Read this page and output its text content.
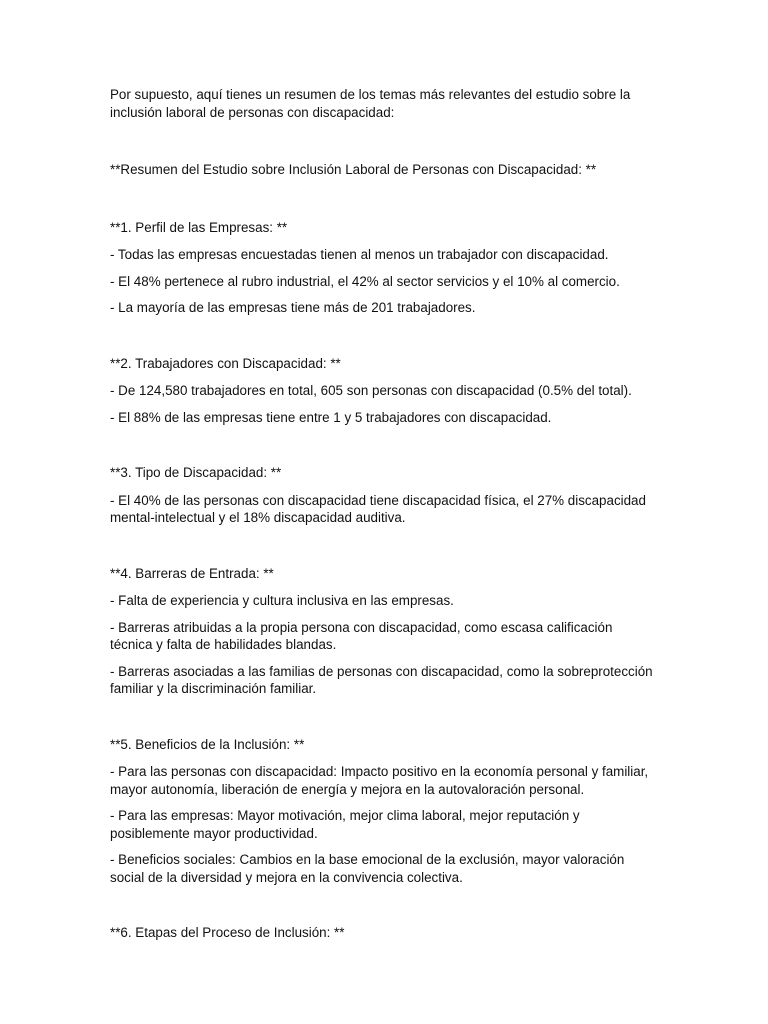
Por supuesto, aquí tienes un resumen de los temas más relevantes del estudio sobre la inclusión laboral de personas con discapacidad:

**Resumen del Estudio sobre Inclusión Laboral de Personas con Discapacidad: **

**1. Perfil de las Empresas: **

- Todas las empresas encuestadas tienen al menos un trabajador con discapacidad.

- El 48% pertenece al rubro industrial, el 42% al sector servicios y el 10% al comercio.

- La mayoría de las empresas tiene más de 201 trabajadores.

**2. Trabajadores con Discapacidad: **

- De 124,580 trabajadores en total, 605 son personas con discapacidad (0.5% del total).

- El 88% de las empresas tiene entre 1 y 5 trabajadores con discapacidad.

**3. Tipo de Discapacidad: **

- El 40% de las personas con discapacidad tiene discapacidad física, el 27% discapacidad mental-intelectual y el 18% discapacidad auditiva.

**4. Barreras de Entrada: **

- Falta de experiencia y cultura inclusiva en las empresas.

- Barreras atribuidas a la propia persona con discapacidad, como escasa calificación técnica y falta de habilidades blandas.

- Barreras asociadas a las familias de personas con discapacidad, como la sobreprotección familiar y la discriminación familiar.

**5. Beneficios de la Inclusión: **

- Para las personas con discapacidad: Impacto positivo en la economía personal y familiar, mayor autonomía, liberación de energía y mejora en la autovaloración personal.

- Para las empresas: Mayor motivación, mejor clima laboral, mejor reputación y posiblemente mayor productividad.

- Beneficios sociales: Cambios en la base emocional de la exclusión, mayor valoración social de la diversidad y mejora en la convivencia colectiva.

**6. Etapas del Proceso de Inclusión: **
